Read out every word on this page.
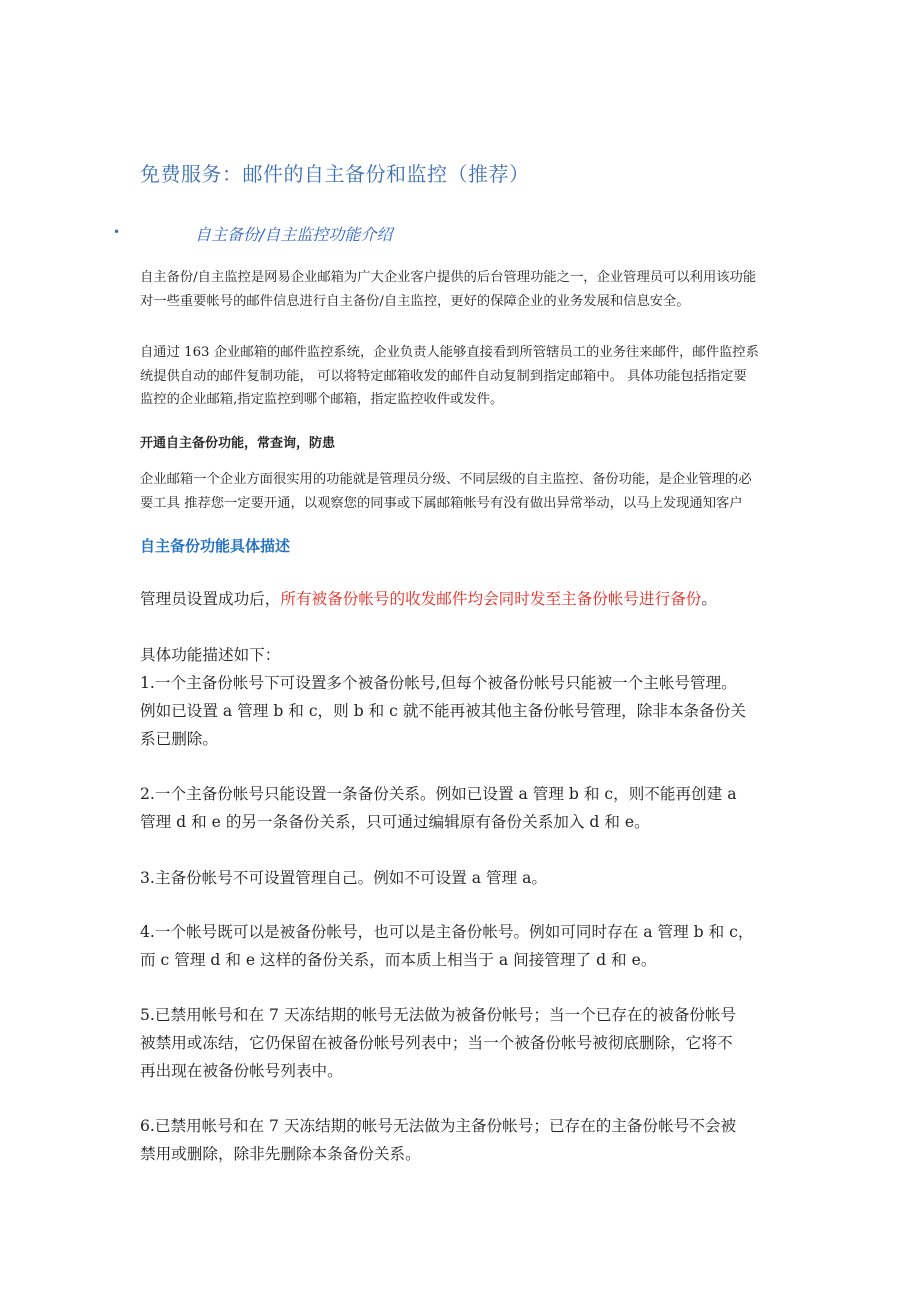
免费服务：邮件的自主备份和监控（推荐）
•	自主备份/自主监控功能介绍
自主备份/自主监控是网易企业邮箱为广大企业客户提供的后台管理功能之一，企业管理员可以利用该功能
对一些重要帐号的邮件信息进行自主备份/自主监控，更好的保障企业的业务发展和信息安全。
自通过 163 企业邮箱的邮件监控系统，企业负责人能够直接看到所管辖员工的业务往来邮件，邮件监控系
统提供自动的邮件复制功能， 可以将特定邮箱收发的邮件自动复制到指定邮箱中。 具体功能包括指定要
监控的企业邮箱,指定监控到哪个邮箱，指定监控收件或发件。
开通自主备份功能，常查询，防患
企业邮箱一个企业方面很实用的功能就是管理员分级、不同层级的自主监控、备份功能，是企业管理的必
要工具 推荐您一定要开通，以观察您的同事或下属邮箱帐号有没有做出异常举动，以马上发现通知客户
自主备份功能具体描述
管理员设置成功后，所有被备份帐号的收发邮件均会同时发至主备份帐号进行备份。
具体功能描述如下：
1.一个主备份帐号下可设置多个被备份帐号,但每个被备份帐号只能被一个主帐号管理。
例如已设置 a 管理 b 和 c，则 b 和 c 就不能再被其他主备份帐号管理，除非本条备份关
系已删除。
2.一个主备份帐号只能设置一条备份关系。例如已设置 a 管理 b 和 c，则不能再创建 a
管理 d 和 e 的另一条备份关系，只可通过编辑原有备份关系加入 d 和 e。
3.主备份帐号不可设置管理自己。例如不可设置 a 管理 a。
4.一个帐号既可以是被备份帐号，也可以是主备份帐号。例如可同时存在 a 管理 b 和 c，
而 c 管理 d 和 e 这样的备份关系，而本质上相当于 a 间接管理了 d 和 e。
5.已禁用帐号和在 7 天冻结期的帐号无法做为被备份帐号；当一个已存在的被备份帐号
被禁用或冻结，它仍保留在被备份帐号列表中；当一个被备份帐号被彻底删除，它将不
再出现在被备份帐号列表中。
6.已禁用帐号和在 7 天冻结期的帐号无法做为主备份帐号；已存在的主备份帐号不会被
禁用或删除，除非先删除本条备份关系。
